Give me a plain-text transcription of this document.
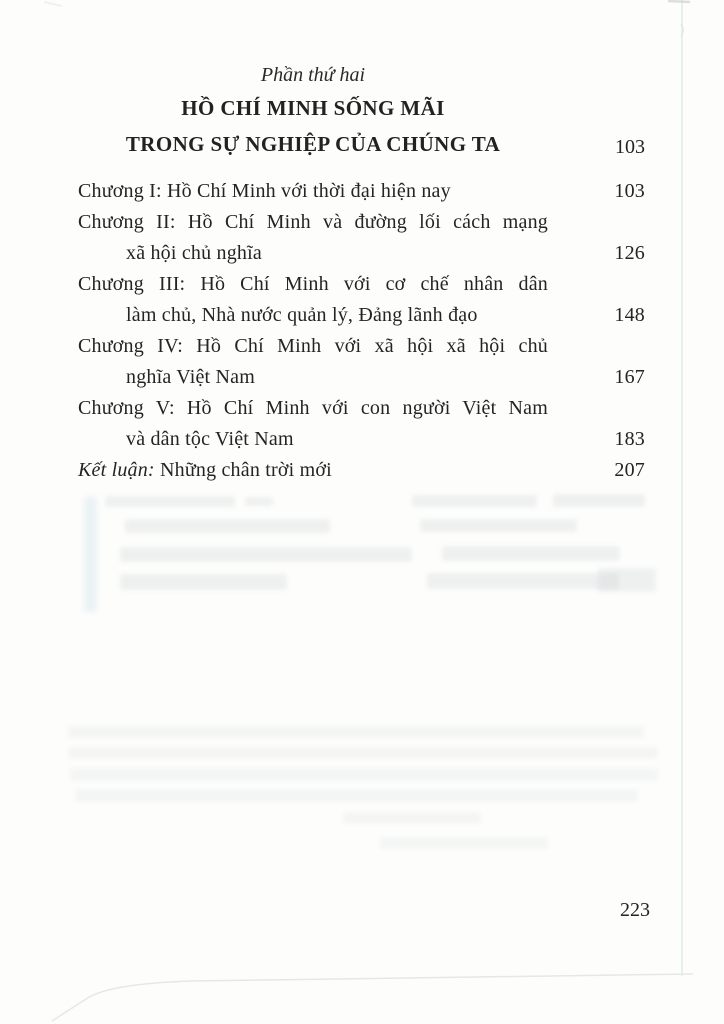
Phần thứ hai
HỒ CHÍ MINH SỐNG MÃI
TRONG SỰ NGHIỆP CỦA CHÚNG TA	103
Chương I: Hồ Chí Minh với thời đại hiện nay	103
Chương II: Hồ Chí Minh và đường lối cách mạng
xã hội chủ nghĩa	126
Chương III: Hồ Chí Minh với cơ chế nhân dân
làm chủ, Nhà nước quản lý, Đảng lãnh đạo	148
Chương IV: Hồ Chí Minh với xã hội xã hội chủ
nghĩa Việt Nam	167
Chương V: Hồ Chí Minh với con người Việt Nam
và dân tộc Việt Nam	183
Kết luận: Những chân trời mới	207
223
